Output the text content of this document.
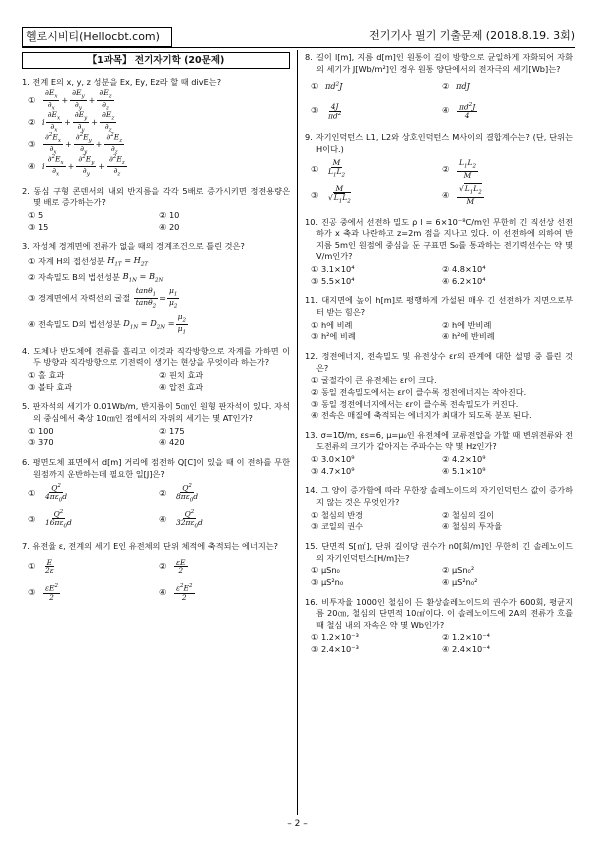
헬로시비티(Hellocbt.com)	전기기사 필기 기출문제 (2018.8.19. 3회)
【1과목】 전기자기학 (20문제)
1. 전계 E의 x, y, z 성분을 Ex, Ey, Ez라 할 때 divE는?
①	$\frac{\partial E_x}{\partial_x} + \frac{\partial E_y}{\partial_y} + \frac{\partial E_z}{\partial_z}$
② i $\frac{\partial E_x}{\partial_x} + \frac{\partial E_y}{\partial_y} + \frac{\partial E_z}{\partial_z}$
③	$\frac{\partial^2E_x}{\partial_x} + \frac{\partial^2E_y}{\partial_y} + \frac{\partial^2E_z}{\partial_z}$
④ i $\frac{\partial^2E_x}{\partial_x} + \frac{\partial^2E_y}{\partial_y} + \frac{\partial^2E_z}{\partial_z}$
2. 동심 구형 콘덴서의 내외 반지름을 각각 5배로 증가시키면 정전용량은 몇 배로 증가하는가?
① 5	② 10
③ 15	④ 20
3. 자성체 경계면에 전류가 없을 때의 경계조건으로 틀린 것은?
① 자계 H의 접선성분
$H_{1T} = H_{2T}$
② 자속밀도 B의 법선성분
$B_{1N} = B_{2N}$
③ 경계면에서 자력선의 굴절
$\frac{\tan\theta_1}{\tan\theta_2} = \frac{\mu_1}{\mu_2}$
④ 전속밀도 D의 법선성분
$D_{1N} = D_{2N} = \frac{\mu_2}{\mu_1}$
4. 도체나 반도체에 전류를 흘리고 이것과 직각방향으로 자계를 가하면 이 두 방향과 직각방향으로 기전력이 생기는 현상을 무엇이라 하는가?
① 홀 효과	② 핀치 효과
③ 볼타 효과	④ 압전 효과
5. 판자석의 세기가 0.01Wb/m, 반지름이 5㎝인 원형 판자석이 있다. 자석의 중심에서 축상 10㎝인 점에서의 자위의 세기는 몇 AT인가?
① 100	② 175
③ 370	④ 420
6. 평면도체 표면에서 d[m] 거리에 점전하 Q[C]이 있을 때 이 전하를 무한원점까지 운반하는데 필요한 일[J]은?
①	$\frac{Q^2}{4\pi\varepsilon_0d}$	②	$\frac{Q^2}{8\pi\varepsilon_0d}$
③	$\frac{Q^2}{16\pi\varepsilon_0d}$	④	$\frac{Q^2}{32\pi\varepsilon_0d}$
7. 유전율 ε, 전계의 세기 E인 유전체의 단위 체적에 축적되는 에너지는?
①	$\frac{E}{2\varepsilon}$	②	$\frac{\varepsilon E}{2}$
③	$\frac{\varepsilon E^2}{2}$	④	$\frac{\varepsilon^2E^2}{2}$
8. 길이 l[m], 지름 d[m]인 원통이 길이 방향으로 균일하게 자화되어 자화의 세기가 J[Wb/m²]인 경우 원통 양단에서의 전자극의 세기[Wb]는?
① $\pi d^2J$	② πdJ
③	$\frac{4J}{\pi d^2}$	④	$\frac{\pi d^2J}{4}$
9. 자기인덕턴스 L1, L2와 상호인덕턴스 M사이의 결합계수는? (단, 단위는 H이다.)
①	$\frac{M}{L_1L_2}$	②	$\frac{L_1L_2}{M}$
③	$\frac{M}{√L_1L_2}$	④	$\frac{√L_1L_2}{M}$
10. 진공 중에서 선전하 밀도 ρ l = 6×10⁻⁸C/m인 무한히 긴 직선상 선전하가 x 축과 나란하고 z=2m 점을 지나고 있다. 이 선전하에 의하여 반지름 5m인 원점에 중심을 둔 구표면 S₀를 통과하는 전기력선수는 약 몇 V/m인가?
① 3.1×10⁴	② 4.8×10⁴
③ 5.5×10⁴	④ 6.2×10⁴
11. 대지면에 높이 h[m]로 평행하게 가설된 매우 긴 선전하가 지면으로부터 받는 힘은?
① h에 비례	② h에 반비례
③ h²에 비례	④ h²에 반비례
12. 정전에너지, 전속밀도 및 유전상수 εr의 관계에 대한 설명 중 틀린 것은?
① 굴절각이 큰 유전체는 εr이 크다.
② 동일 전속밀도에서는 εr이 클수록 정전에너지는 작아진다.
③ 동일 정전에너지에서는 εr이 클수록 전속밀도가 커진다.
④ 전속은 매질에 축적되는 에너지가 최대가 되도록 분포 된다.
13. σ=1℧/m, εs=6, μ=μ₀인 유전체에 교류전압을 가할 때 변위전류와 전도전류의 크기가 같아지는 주파수는 약 몇 Hz인가?
① 3.0×10⁹	② 4.2×10⁹
③ 4.7×10⁹	④ 5.1×10⁹
14. 그 양이 증가함에 따라 무한장 솔레노이드의 자기인덕턴스 값이 증가하지 않는 것은 무엇인가?
① 철심의 반경	② 철심의 길이
③ 코일의 권수	④ 철심의 투자율
15. 단면적 S[㎡], 단위 길이당 권수가 n0[회/m]인 무한히 긴 솔레노이드의 자기인덕턴스[H/m]는?
① μSn₀	② μSn₀²
③ μS²n₀	④ μS²n₀²
16. 비투자율 1000인 철심이 든 환상솔레노이드의 권수가 600회, 평균지름 20㎝, 철심의 단면적 10㎠이다. 이 솔레노이드에 2A의 전류가 흐를 때 철심 내의 자속은 약 몇 Wb인가?
① 1.2×10⁻³	② 1.2×10⁻⁴
③ 2.4×10⁻³	④ 2.4×10⁻⁴
– 2 –
